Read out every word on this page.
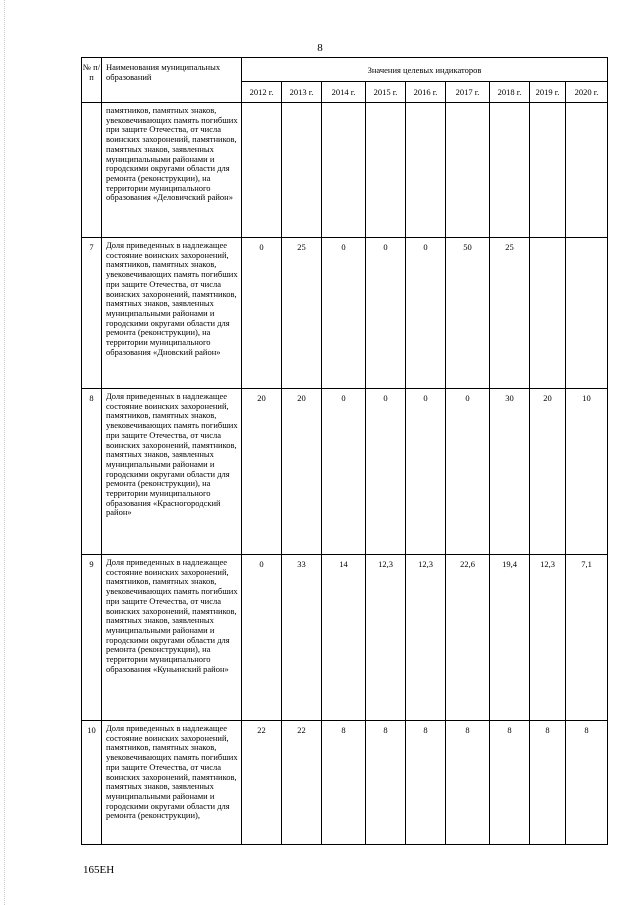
8
№ п/п	Наименования муниципальных образований	Значения целевых индикаторов								
		2012 г.	2013 г.	2014 г.	2015 г.	2016 г.	2017 г.	2018 г.	2019 г.	2020 г.
	памятников, памятных знаков, увековечивающих память погибших при защите Отечества, от числа воинских захоронений, памятников, памятных знаков, заявленных муниципальными районами и городскими округами области для ремонта (реконструкции), на территории муниципального образования «Деловичский район»									
7	Доля приведенных в надлежащее состояние воинских захоронений, памятников, памятных знаков, увековечивающих память погибших при защите Отечества, от числа воинских захоронений, памятников, памятных знаков, заявленных муниципальными районами и городскими округами области для ремонта (реконструкции), на территории муниципального образования «Дновский район»	0	25	0	0	0	50	25		
8	Доля приведенных в надлежащее состояние воинских захоронений, памятников, памятных знаков, увековечивающих память погибших при защите Отечества, от числа воинских захоронений, памятников, памятных знаков, заявленных муниципальными районами и городскими округами области для ремонта (реконструкции), на территории муниципального образования «Красногородский район»	20	20	0	0	0	0	30	20	10
9	Доля приведенных в надлежащее состояние воинских захоронений, памятников, памятных знаков, увековечивающих память погибших при защите Отечества, от числа воинских захоронений, памятников, памятных знаков, заявленных муниципальными районами и городскими округами области для ремонта (реконструкции), на территории муниципального образования «Куньинский район»	0	33	14	12,3	12,3	22,6	19,4	12,3	7,1
10	Доля приведенных в надлежащее состояние воинских захоронений, памятников, памятных знаков, увековечивающих память погибших при защите Отечества, от числа воинских захоронений, памятников, памятных знаков, заявленных муниципальными районами и городскими округами области для ремонта (реконструкции),	22	22	8	8	8	8	8	8	8
165ЕН
